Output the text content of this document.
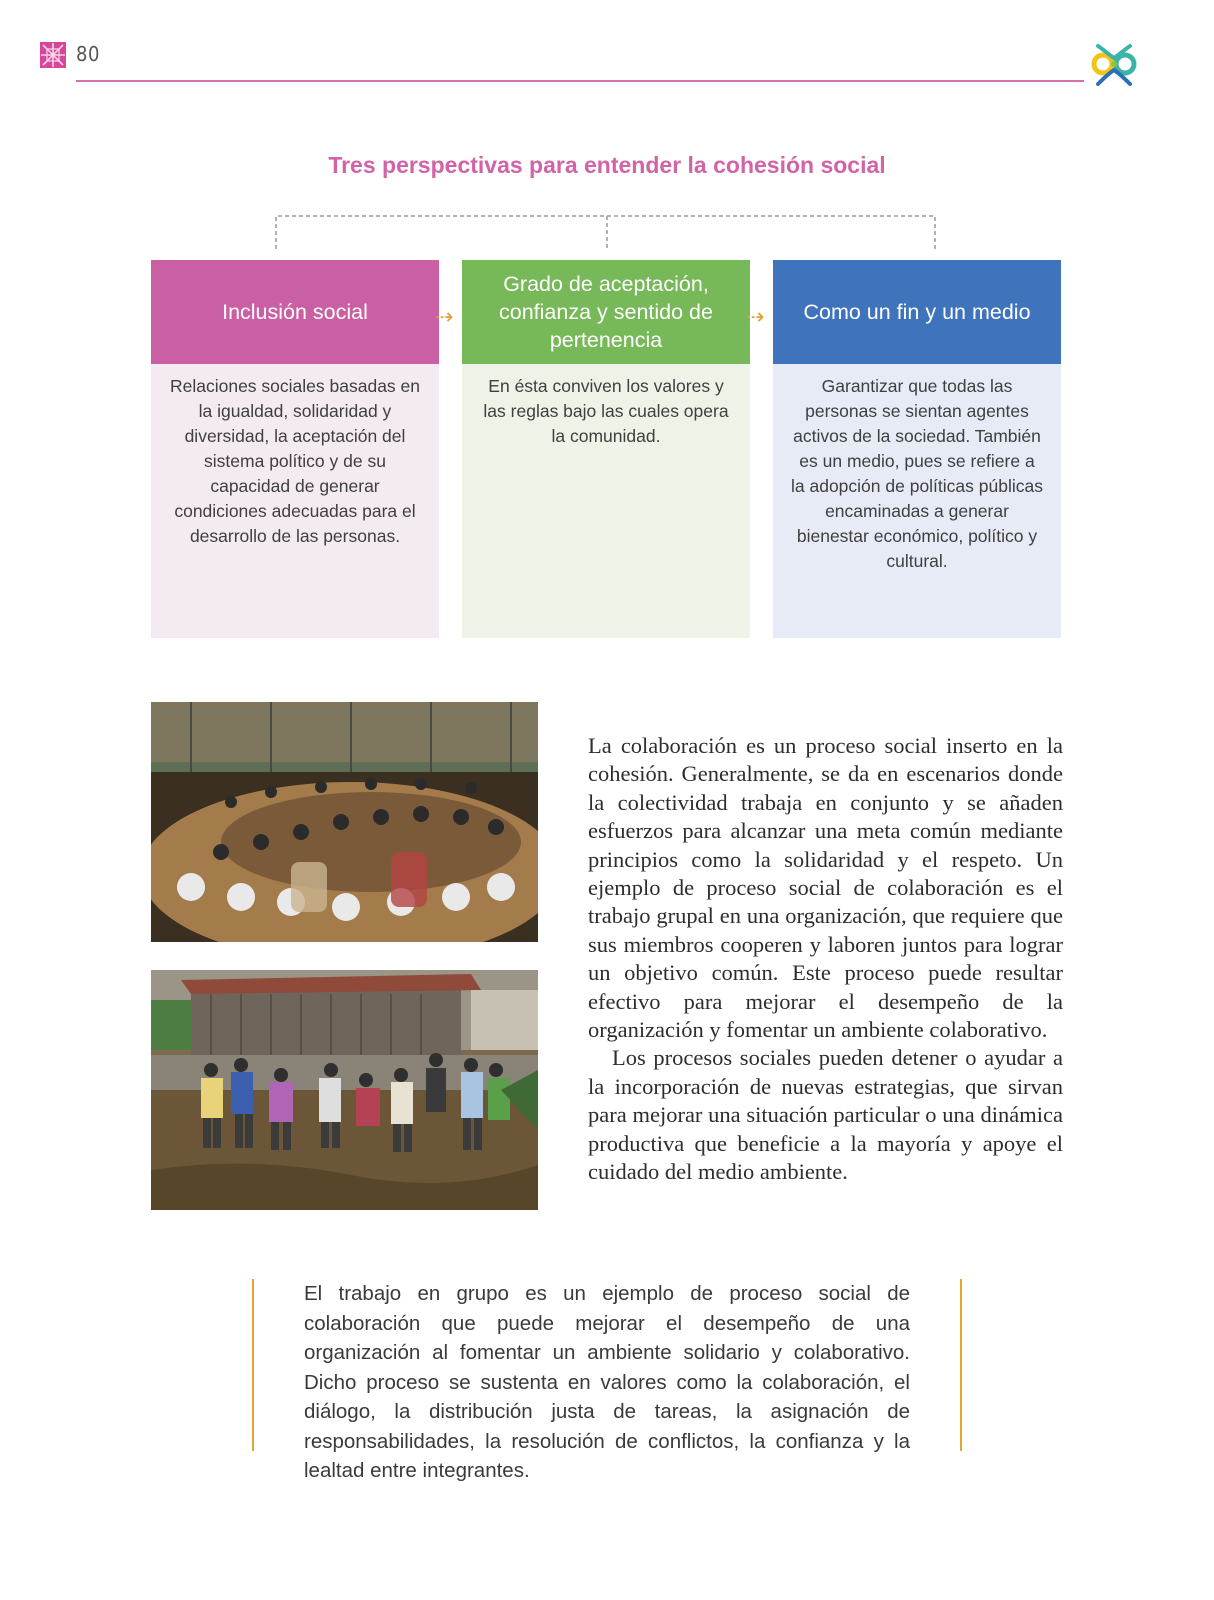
80
Tres perspectivas para entender la cohesión social
Inclusión social
Relaciones sociales basadas en la igualdad, solidaridad y diversidad, la aceptación del sistema político y de su capacidad de generar condiciones adecuadas para el desarrollo de las personas.
⇢
Grado de aceptación, confianza y sentido de pertenencia
En ésta conviven los valores y las reglas bajo las cuales opera la comunidad.
⇢	Como un fin y un medio
Garantizar que todas las personas se sientan agentes activos de la sociedad. También es un medio, pues se refiere a la adopción de políticas públicas encaminadas a generar bienestar económico, político y cultural.

La colaboración es un proceso social inserto en la cohesión. Generalmente, se da en escenarios donde la colectividad trabaja en conjunto y se añaden esfuerzos para alcanzar una meta común mediante principios como la solidaridad y el respeto. Un ejemplo de proceso social de colaboración es el trabajo grupal en una organización, que requiere que sus miembros cooperen y laboren juntos para lograr un objetivo común. Este proceso puede resultar efectivo para mejorar el desempeño de la organización y fomentar un ambiente colaborativo.

Los procesos sociales pueden detener o ayudar a la incorporación de nuevas estrategias, que sirvan para mejorar una situación particular o una dinámica productiva que beneficie a la mayoría y apoye el cuidado del medio ambiente.

El trabajo en grupo es un ejemplo de proceso social de colaboración que puede mejorar el desempeño de una organización al fomentar un ambiente solidario y colaborativo. Dicho proceso se sustenta en valores como la colaboración, el diálogo, la distribución justa de tareas, la asignación de responsabilidades, la resolución de conflictos, la confianza y la lealtad entre integrantes.
